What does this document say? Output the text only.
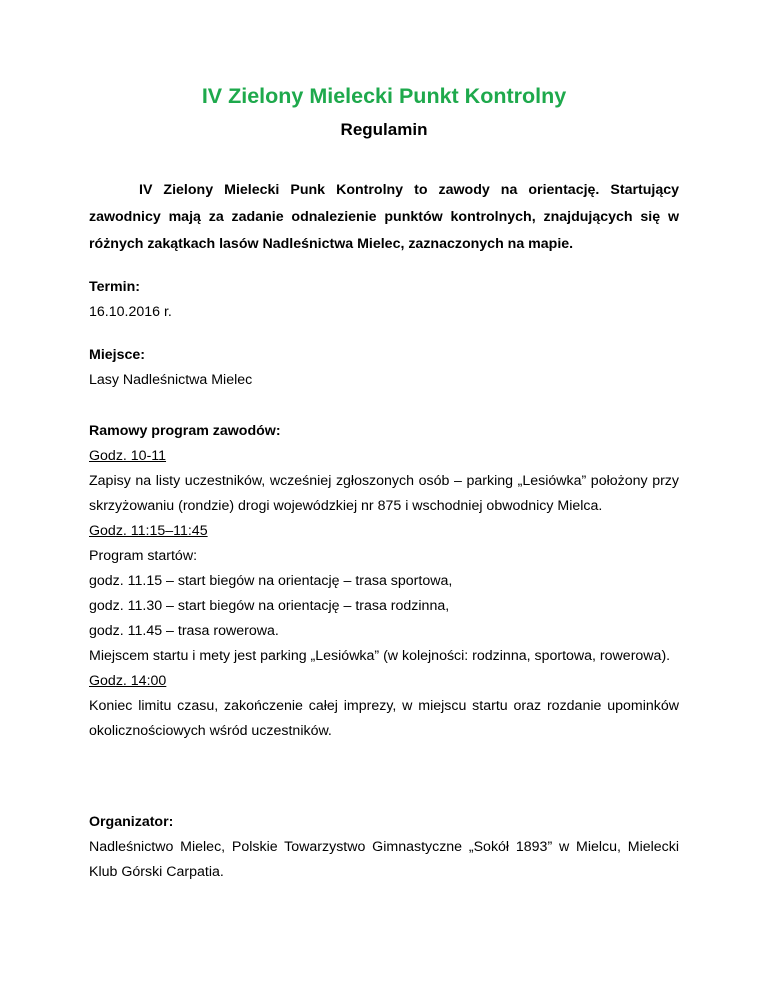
IV Zielony Mielecki Punkt Kontrolny
Regulamin

IV Zielony Mielecki Punk Kontrolny to zawody na orientację. Startujący zawodnicy mają za zadanie odnalezienie punktów kontrolnych, znajdujących się w różnych zakątkach lasów Nadleśnictwa Mielec, zaznaczonych na mapie.

Termin:
16.10.2016 r.
Miejsce:
Lasy Nadleśnictwa Mielec
Ramowy program zawodów:
Godz. 10-11
Zapisy na listy uczestników, wcześniej zgłoszonych osób – parking „Lesiówka” położony przy skrzyżowaniu (rondzie) drogi wojewódzkiej nr 875 i wschodniej obwodnicy Mielca.
Godz. 11:15–11:45
Program startów:
godz. 11.15 – start biegów na orientację – trasa sportowa,
godz. 11.30 – start biegów na orientację – trasa rodzinna,
godz. 11.45 – trasa rowerowa.
Miejscem startu i mety jest parking „Lesiówka” (w kolejności: rodzinna, sportowa, rowerowa).
Godz. 14:00
Koniec limitu czasu, zakończenie całej imprezy, w miejscu startu oraz rozdanie upominków okolicznościowych wśród uczestników.
Organizator:
Nadleśnictwo Mielec, Polskie Towarzystwo Gimnastyczne „Sokół 1893” w Mielcu, Mielecki Klub Górski Carpatia.
